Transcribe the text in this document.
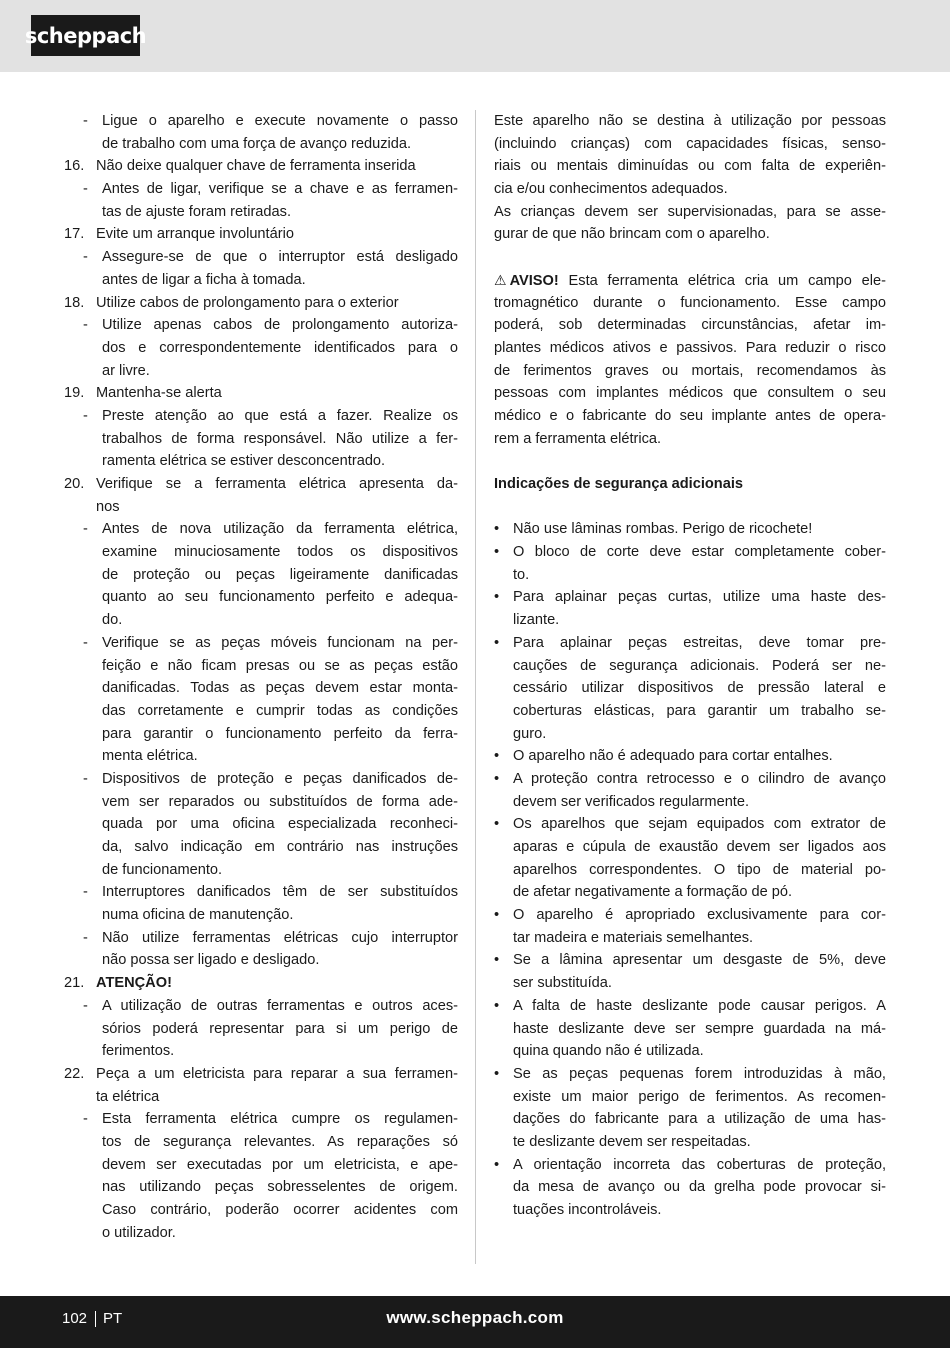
scheppach
- Ligue o aparelho e execute novamente o passo
de trabalho com uma força de avanço reduzida.
16. Não deixe qualquer chave de ferramenta inserida
- Antes de ligar, verifique se a chave e as ferramen-
tas de ajuste foram retiradas.
17. Evite um arranque involuntário
- Assegure-se de que o interruptor está desligado
antes de ligar a ficha à tomada.
18. Utilize cabos de prolongamento para o exterior
- Utilize apenas cabos de prolongamento autoriza-
dos e correspondentemente identificados para o
ar livre.
19. Mantenha-se alerta
- Preste atenção ao que está a fazer. Realize os
trabalhos de forma responsável. Não utilize a fer-
ramenta elétrica se estiver desconcentrado.
20. Verifique se a ferramenta elétrica apresenta da-
nos
- Antes de nova utilização da ferramenta elétrica,
examine minuciosamente todos os dispositivos
de proteção ou peças ligeiramente danificadas
quanto ao seu funcionamento perfeito e adequa-
do.
- Verifique se as peças móveis funcionam na per-
feição e não ficam presas ou se as peças estão
danificadas. Todas as peças devem estar monta-
das corretamente e cumprir todas as condições
para garantir o funcionamento perfeito da ferra-
menta elétrica.
- Dispositivos de proteção e peças danificados de-
vem ser reparados ou substituídos de forma ade-
quada por uma oficina especializada reconheci-
da, salvo indicação em contrário nas instruções
de funcionamento.
- Interruptores danificados têm de ser substituídos
numa oficina de manutenção.
- Não utilize ferramentas elétricas cujo interruptor
não possa ser ligado e desligado.
21. ATENÇÃO!
- A utilização de outras ferramentas e outros aces-
sórios poderá representar para si um perigo de
ferimentos.
22. Peça a um eletricista para reparar a sua ferramen-
ta elétrica
- Esta ferramenta elétrica cumpre os regulamen-
tos de segurança relevantes. As reparações só
devem ser executadas por um eletricista, e ape-
nas utilizando peças sobresselentes de origem.
Caso contrário, poderão ocorrer acidentes com
o utilizador.
Este aparelho não se destina à utilização por pessoas
(incluindo crianças) com capacidades físicas, senso-
riais ou mentais diminuídas ou com falta de experiên-
cia e/ou conhecimentos adequados.
As crianças devem ser supervisionadas, para se asse-
gurar de que não brincam com o aparelho.
⚠ AVISO! Esta ferramenta elétrica cria um campo ele-
tromagnético durante o funcionamento. Esse campo
poderá, sob determinadas circunstâncias, afetar im-
plantes médicos ativos e passivos. Para reduzir o risco
de ferimentos graves ou mortais, recomendamos às
pessoas com implantes médicos que consultem o seu
médico e o fabricante do seu implante antes de opera-
rem a ferramenta elétrica.
Indicações de segurança adicionais
• Não use lâminas rombas. Perigo de ricochete!
• O bloco de corte deve estar completamente cober-
to.
• Para aplainar peças curtas, utilize uma haste des-
lizante.
• Para aplainar peças estreitas, deve tomar pre-
cauções de segurança adicionais. Poderá ser ne-
cessário utilizar dispositivos de pressão lateral e
coberturas elásticas, para garantir um trabalho se-
guro.
• O aparelho não é adequado para cortar entalhes.
• A proteção contra retrocesso e o cilindro de avanço
devem ser verificados regularmente.
• Os aparelhos que sejam equipados com extrator de
aparas e cúpula de exaustão devem ser ligados aos
aparelhos correspondentes. O tipo de material po-
de afetar negativamente a formação de pó.
• O aparelho é apropriado exclusivamente para cor-
tar madeira e materiais semelhantes.
• Se a lâmina apresentar um desgaste de 5%, deve
ser substituída.
• A falta de haste deslizante pode causar perigos. A
haste deslizante deve ser sempre guardada na má-
quina quando não é utilizada.
• Se as peças pequenas forem introduzidas à mão,
existe um maior perigo de ferimentos. As recomen-
dações do fabricante para a utilização de uma has-
te deslizante devem ser respeitadas.
• A orientação incorreta das coberturas de proteção,
da mesa de avanço ou da grelha pode provocar si-
tuações incontroláveis.
102 PT	www.scheppach.com
